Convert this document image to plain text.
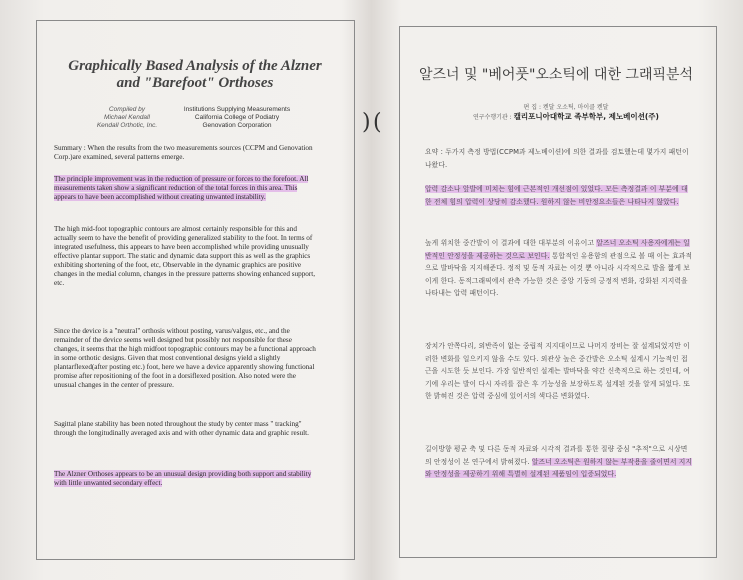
Graphically Based Analysis of the Alzner
and "Barefoot" Orthoses
Compiled by
Michael Kendall
Kendall Orthotic, Inc.
Institutions Supplying Measurements
California College of Podiatry
Genovation Corporation

Summary : When the results from the two measurements sources (CCPM and Genovation Corp.)are examined, several patterns emerge.

The principle improvement was in the reduction of pressure or forces to the forefoot. All measurements taken show a significant reduction of the total forces in this area. This appears to have been accomplished without creating unwanted instability.

The high mid-foot topographic contours are almost certainly responsible for this and actually seem to have the benefit of providing generalized stability to the foot. In terms of integrated usefulness, this appears to have been accomplished while providing unusually effective plantar support. The static and dynamic data support this as well as the graphics exhibiting shortening of the foot, etc, Observable in the dynamic graphics are positive changes in the medial column, changes in the pressure patterns showing enhanced support, etc.

Since the device is a "neutral" orthosis without posting, varus/valgus, etc., and the remainder of the device seems well designed but possibly not responsible for these changes, it seems that the high midfoot topographic contours may be a functional approach in some orthotic designs. Given that most conventional designs yield a slightly plantarflexed(after posting etc.) foot, here we have a device apparently showing functional promise after repositioning of the foot in a dorsiflexed position. Also noted were the unusual changes in the center of pressure.

Sagittal plane stability has been noted throughout the study by center mass " tracking" through the longitudinally averaged axis and with other dynamic data and graphic result.

The Alzner Orthoses appears to be an unusual design providing both support and stability with little unwanted secondary effect.

) (
알즈너 및 "베어풋"오소틱에 대한 그래픽분석
편 집 : 켄달 오소틱, 마이클 켄달
연구수행기관 : 캘리포니아대학교 족부학부, 제노베이션(주)

요약 : 두가지 측정 방법(CCPM과 제노베이션)에 의한 결과를 검토했는데 몇가지 패턴이 나왔다.

압력 감소나 앞발에 미치는 힘에 근본적인 개선점이 있었다. 모든 측정결과 이 부분에 대한 전체 힘의 압력이 상당히 감소했다. 원하지 않는 비안정요소들은 나타나지 않았다.

높게 위치한 중간발이 이 결과에 대한 대부분의 이유이고 알즈너 오소틱 사용자에게는 일반적인 안정성을 제공하는 것으로 보인다. 통합적인 유용함의 관점으로 볼 때 이는 효과적으로 발바닥을 지지해준다. 정적 및 동적 자료는 이것 뿐 아니라 시각적으로 발을 짧게 보이게 한다. 동적그래픽에서 관측 가능한 것은 중앙 기둥의 긍정적 변화, 강화된 지지력을 나타내는 압력 패턴이다.

장치가 안쪽다리, 외반족이 없는 중립적 지지대이므로 나머지 장비는 잘 설계되었지만 이러한 변화를 일으키지 않을 수도 있다. 외관상 높은 중간발은 오소틱 설계시 기능적인 접근을 시도한 듯 보인다. 가장 일반적인 설계는 발바닥을 약간 신축적으로 하는 것인데, 여기에 우리는 발이 다시 자리를 잡은 후 기능성을 보장하도록 설계된 것을 알게 되었다. 또한 밝혀진 것은 압력 중심에 있어서의 색다른 변화였다.

길이방향 평균 축 및 다른 동적 자료와 시각적 결과를 통한 질량 중심 "추적"으로 시상면의 안정성이 본 연구에서 밝혀졌다. 알즈너 오소틱은 원하지 않는 부작용을 줄이면서 지지와 안정성을 제공하기 위해 특별히 설계된 제품임이 입증되었다.
